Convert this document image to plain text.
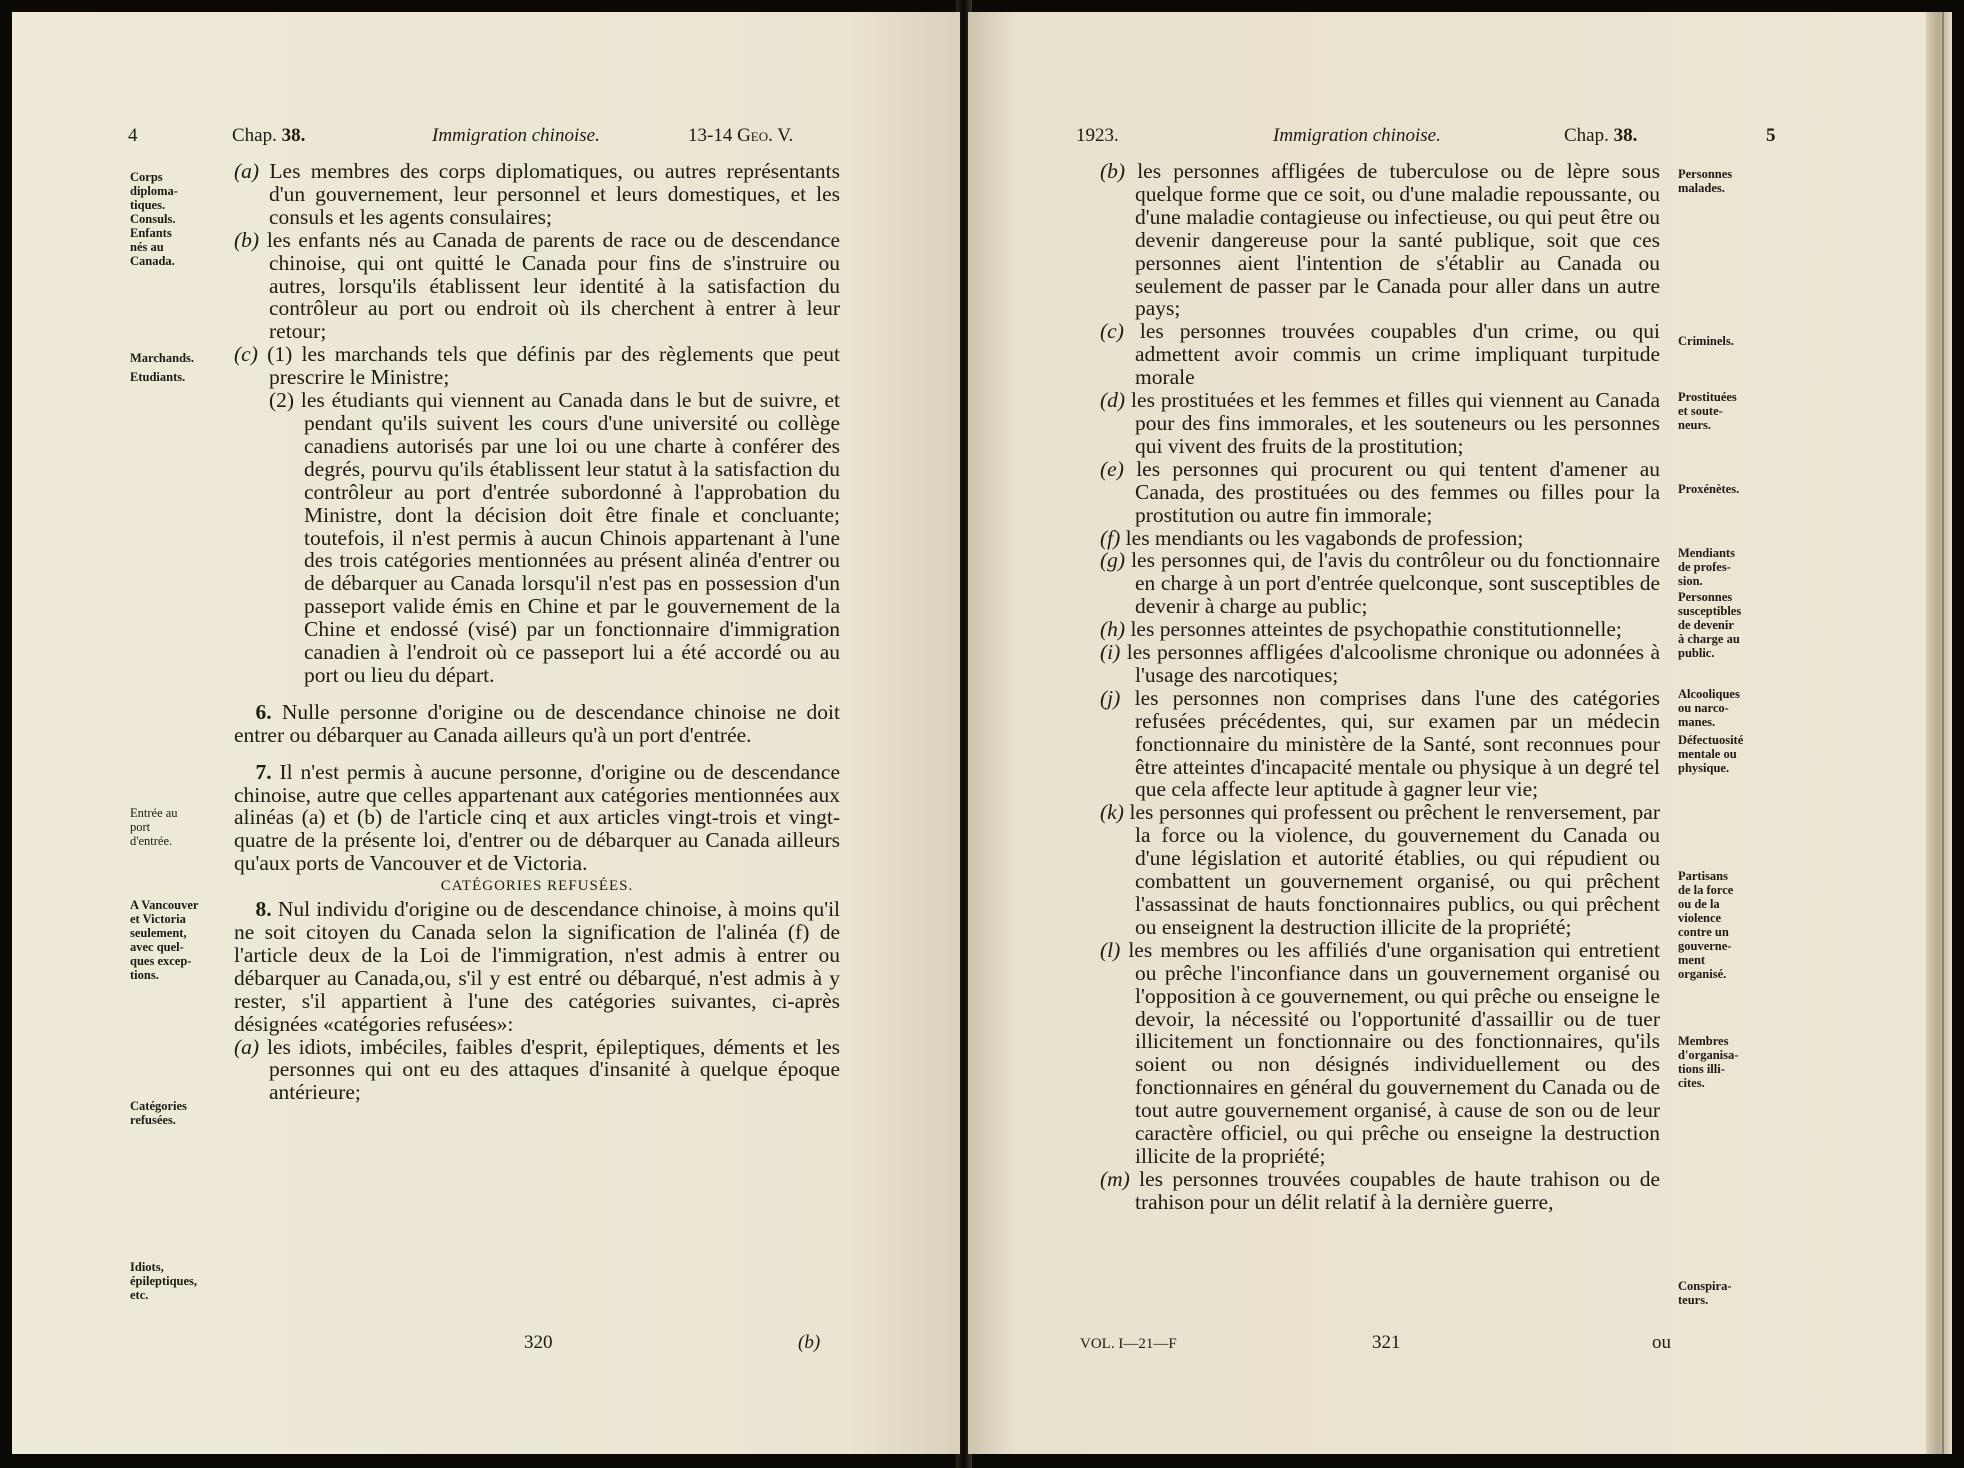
4	Chap. 38.	Immigration chinoise.	13-14 Geo. V.
Corps
diploma-
tiques.
Consuls.
Enfants
nés au
Canada.
Marchands.
Etudiants.
Entrée au
port
d'entrée.
A Vancouver
et Victoria
seulement,
avec quel-
ques excep-
tions.
Catégories
refusées.
Idiots,
épileptiques,
etc.

(a) Les membres des corps diplomatiques, ou autres représentants d'un gouvernement, leur personnel et leurs domestiques, et les consuls et les agents consulaires;

(b) les enfants nés au Canada de parents de race ou de descendance chinoise, qui ont quitté le Canada pour fins de s'instruire ou autres, lorsqu'ils établissent leur identité à la satisfaction du contrôleur au port ou endroit où ils cherchent à entrer à leur retour;

(c) (1) les marchands tels que définis par des règlements que peut prescrire le Ministre;

(2) les étudiants qui viennent au Canada dans le but de suivre, et pendant qu'ils suivent les cours d'une université ou collège canadiens autorisés par une loi ou une charte à conférer des degrés, pourvu qu'ils établissent leur statut à la satisfaction du contrôleur au port d'entrée subordonné à l'approbation du Ministre, dont la décision doit être finale et concluante; toutefois, il n'est permis à aucun Chinois appartenant à l'une des trois catégories mentionnées au présent alinéa d'entrer ou de débarquer au Canada lorsqu'il n'est pas en possession d'un passeport valide émis en Chine et par le gouvernement de la Chine et endossé (visé) par un fonctionnaire d'immigration canadien à l'endroit où ce passeport lui a été accordé ou au port ou lieu du départ.

 6. Nulle personne d'origine ou de descendance chinoise ne doit entrer ou débarquer au Canada ailleurs qu'à un port d'entrée.

 7. Il n'est permis à aucune personne, d'origine ou de descendance chinoise, autre que celles appartenant aux catégories mentionnées aux alinéas (a) et (b) de l'article cinq et aux articles vingt-trois et vingt-quatre de la présente loi, d'entrer ou de débarquer au Canada ailleurs qu'aux ports de Vancouver et de Victoria.

CATÉGORIES REFUSÉES.

 8. Nul individu d'origine ou de descendance chinoise, à moins qu'il ne soit citoyen du Canada selon la signification de l'alinéa (f) de l'article deux de la Loi de l'immigration, n'est admis à entrer ou débarquer au Canada,ou, s'il y est entré ou débarqué, n'est admis à y rester, s'il appartient à l'une des catégories suivantes, ci-après désignées «catégories refusées»:

(a) les idiots, imbéciles, faibles d'esprit, épileptiques, déments et les personnes qui ont eu des attaques d'insanité à quelque époque antérieure;

320	(b)
1923.	Immigration chinoise.	Chap. 38.	5
Personnes
malades.
Criminels.
Prostituées
et soute-
neurs.
Proxénètes.
Mendiants
de profes-
sion.
Personnes
susceptibles
de devenir
à charge au
public.
Alcooliques
ou narco-
manes.
Défectuosité
mentale ou
physique.
Partisans
de la force
ou de la
violence
contre un
gouverne-
ment
organisé.
Membres
d'organisa-
tions illi-
cites.
Conspira-
teurs.

(b) les personnes affligées de tuberculose ou de lèpre sous quelque forme que ce soit, ou d'une maladie repoussante, ou d'une maladie contagieuse ou infectieuse, ou qui peut être ou devenir dangereuse pour la santé publique, soit que ces personnes aient l'intention de s'établir au Canada ou seulement de passer par le Canada pour aller dans un autre pays;

(c) les personnes trouvées coupables d'un crime, ou qui admettent avoir commis un crime impliquant turpitude morale

(d) les prostituées et les femmes et filles qui viennent au Canada pour des fins immorales, et les souteneurs ou les personnes qui vivent des fruits de la prostitution;

(e) les personnes qui procurent ou qui tentent d'amener au Canada, des prostituées ou des femmes ou filles pour la prostitution ou autre fin immorale;

(f) les mendiants ou les vagabonds de profession;

(g) les personnes qui, de l'avis du contrôleur ou du fonctionnaire en charge à un port d'entrée quelconque, sont susceptibles de devenir à charge au public;

(h) les personnes atteintes de psychopathie constitutionnelle;

(i) les personnes affligées d'alcoolisme chronique ou adonnées à l'usage des narcotiques;

(j) les personnes non comprises dans l'une des catégories refusées précédentes, qui, sur examen par un médecin fonctionnaire du ministère de la Santé, sont reconnues pour être atteintes d'incapacité mentale ou physique à un degré tel que cela affecte leur aptitude à gagner leur vie;

(k) les personnes qui professent ou prêchent le renversement, par la force ou la violence, du gouvernement du Canada ou d'une législation et autorité établies, ou qui répudient ou combattent un gouvernement organisé, ou qui prêchent l'assassinat de hauts fonctionnaires publics, ou qui prêchent ou enseignent la destruction illicite de la propriété;

(l) les membres ou les affiliés d'une organisation qui entretient ou prêche l'inconfiance dans un gouvernement organisé ou l'opposition à ce gouvernement, ou qui prêche ou enseigne le devoir, la nécessité ou l'opportunité d'assaillir ou de tuer illicitement un fonctionnaire ou des fonctionnaires, qu'ils soient ou non désignés individuellement ou des fonctionnaires en général du gouvernement du Canada ou de tout autre gouvernement organisé, à cause de son ou de leur caractère officiel, ou qui prêche ou enseigne la destruction illicite de la propriété;

(m) les personnes trouvées coupables de haute trahison ou de trahison pour un délit relatif à la dernière guerre,

VOL. I—21—F	321	ou
